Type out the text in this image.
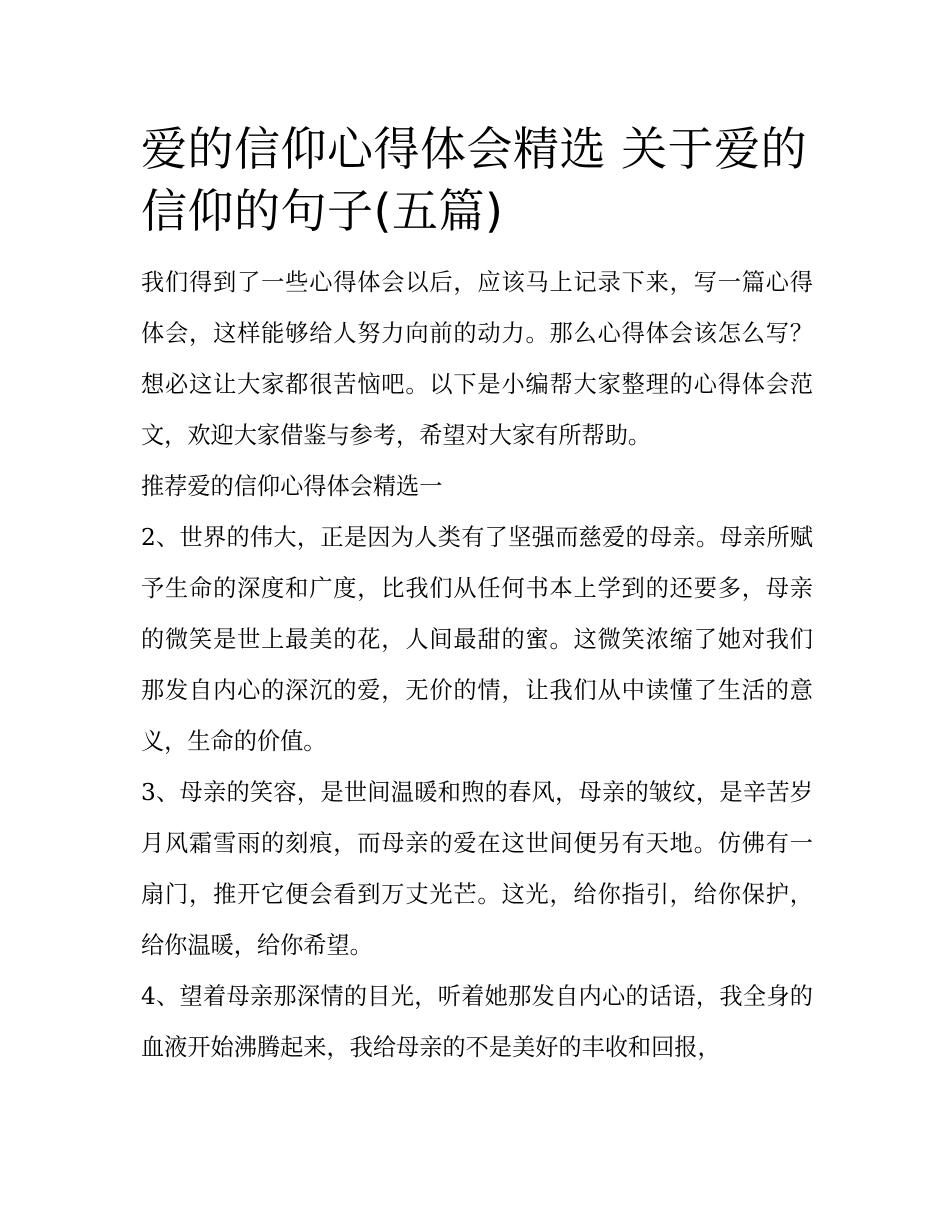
爱的信仰心得体会精选 关于爱的信仰的句子(五篇)

我们得到了一些心得体会以后，应该马上记录下来，写一篇心得体会，这样能够给人努力向前的动力。那么心得体会该怎么写？想必这让大家都很苦恼吧。以下是小编帮大家整理的心得体会范文，欢迎大家借鉴与参考，希望对大家有所帮助。

推荐爱的信仰心得体会精选一

2、世界的伟大，正是因为人类有了坚强而慈爱的母亲。母亲所赋予生命的深度和广度，比我们从任何书本上学到的还要多，母亲的微笑是世上最美的花，人间最甜的蜜。这微笑浓缩了她对我们那发自内心的深沉的爱，无价的情，让我们从中读懂了生活的意义，生命的价值。

3、母亲的笑容，是世间温暖和煦的春风，母亲的皱纹，是辛苦岁月风霜雪雨的刻痕，而母亲的爱在这世间便另有天地。仿佛有一扇门，推开它便会看到万丈光芒。这光，给你指引，给你保护，给你温暖，给你希望。

4、望着母亲那深情的目光，听着她那发自内心的话语，我全身的血液开始沸腾起来，我给母亲的不是美好的丰收和回报，
